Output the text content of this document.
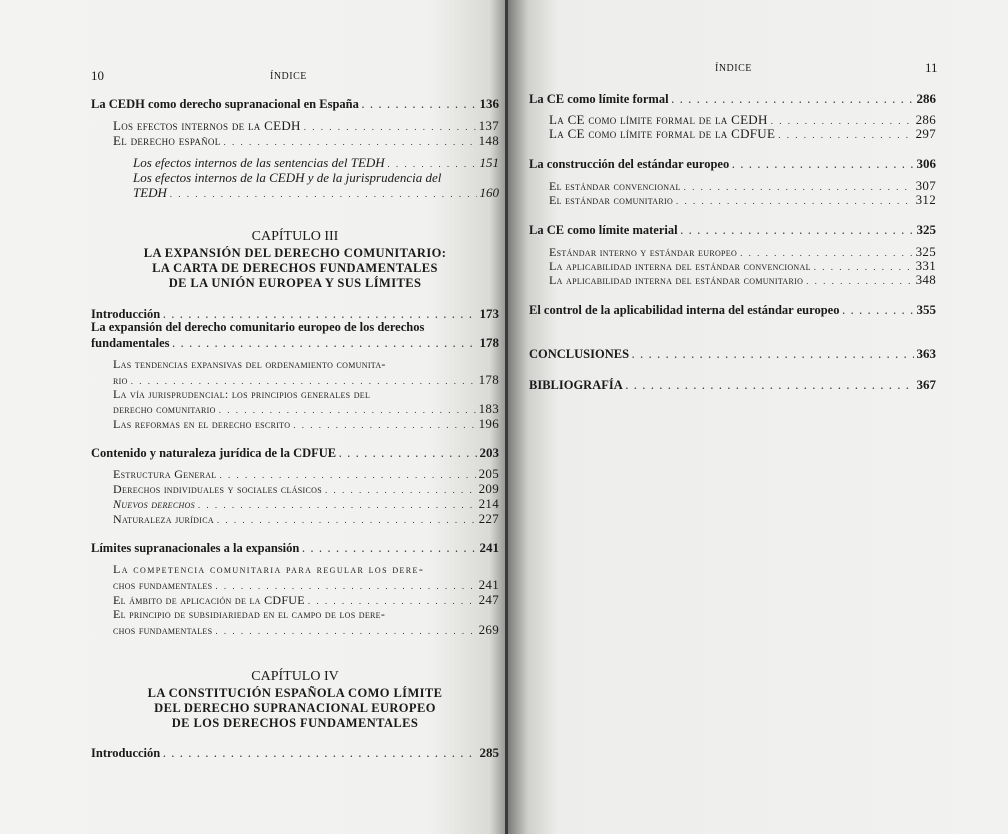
10	ÍNDICE
La CEDH como derecho supranacional en España . . .	136
Los efectos internos de la CEDH . . .	137
El derecho español . . .	148
Los efectos internos de las sentencias del TEDH . . .	151
Los efectos internos de la CEDH y de la jurisprudencia del
TEDH . . .	160
CAPÍTULO III
LA EXPANSIÓN DEL DERECHO COMUNITARIO:
LA CARTA DE DERECHOS FUNDAMENTALES
DE LA UNIÓN EUROPEA Y SUS LÍMITES
Introducción . . .	173
La expansión del derecho comunitario europeo de los derechos
fundamentales . . .	178
Las tendencias expansivas del ordenamiento comunita-
rio . . .	178
La vía jurisprudencial: los principios generales del
derecho comunitario . . .	183
Las reformas en el derecho escrito . . .	196
Contenido y naturaleza jurídica de la CDFUE . . .	203
Estructura General . . .	205
Derechos individuales y sociales clásicos . . .	209
Nuevos derechos . . .	214
Naturaleza jurídica . . .	227
Límites supranacionales a la expansión . . .	241
La competencia comunitaria para regular los dere-
chos fundamentales . . .	241
El ámbito de aplicación de la CDFUE . . .	247
El principio de subsidiariedad en el campo de los dere-
chos fundamentales . . .	269
CAPÍTULO IV
LA CONSTITUCIÓN ESPAÑOLA COMO LÍMITE
DEL DERECHO SUPRANACIONAL EUROPEO
DE LOS DERECHOS FUNDAMENTALES
Introducción . . .	285
ÍNDICE	11
La CE como límite formal . . .	286
La CE como límite formal de la CEDH . . .	286
La CE como límite formal de la CDFUE . . .	297
La construcción del estándar europeo . . .	306
El estándar convencional . . .	307
El estándar comunitario . . .	312
La CE como límite material . . .	325
Estándar interno y estándar europeo . . .	325
La aplicabilidad interna del estándar convencional . . .	331
La aplicabilidad interna del estándar comunitario . . .	348
El control de la aplicabilidad interna del estándar europeo . . .	355
CONCLUSIONES . . .	363
BIBLIOGRAFÍA . . .	367
